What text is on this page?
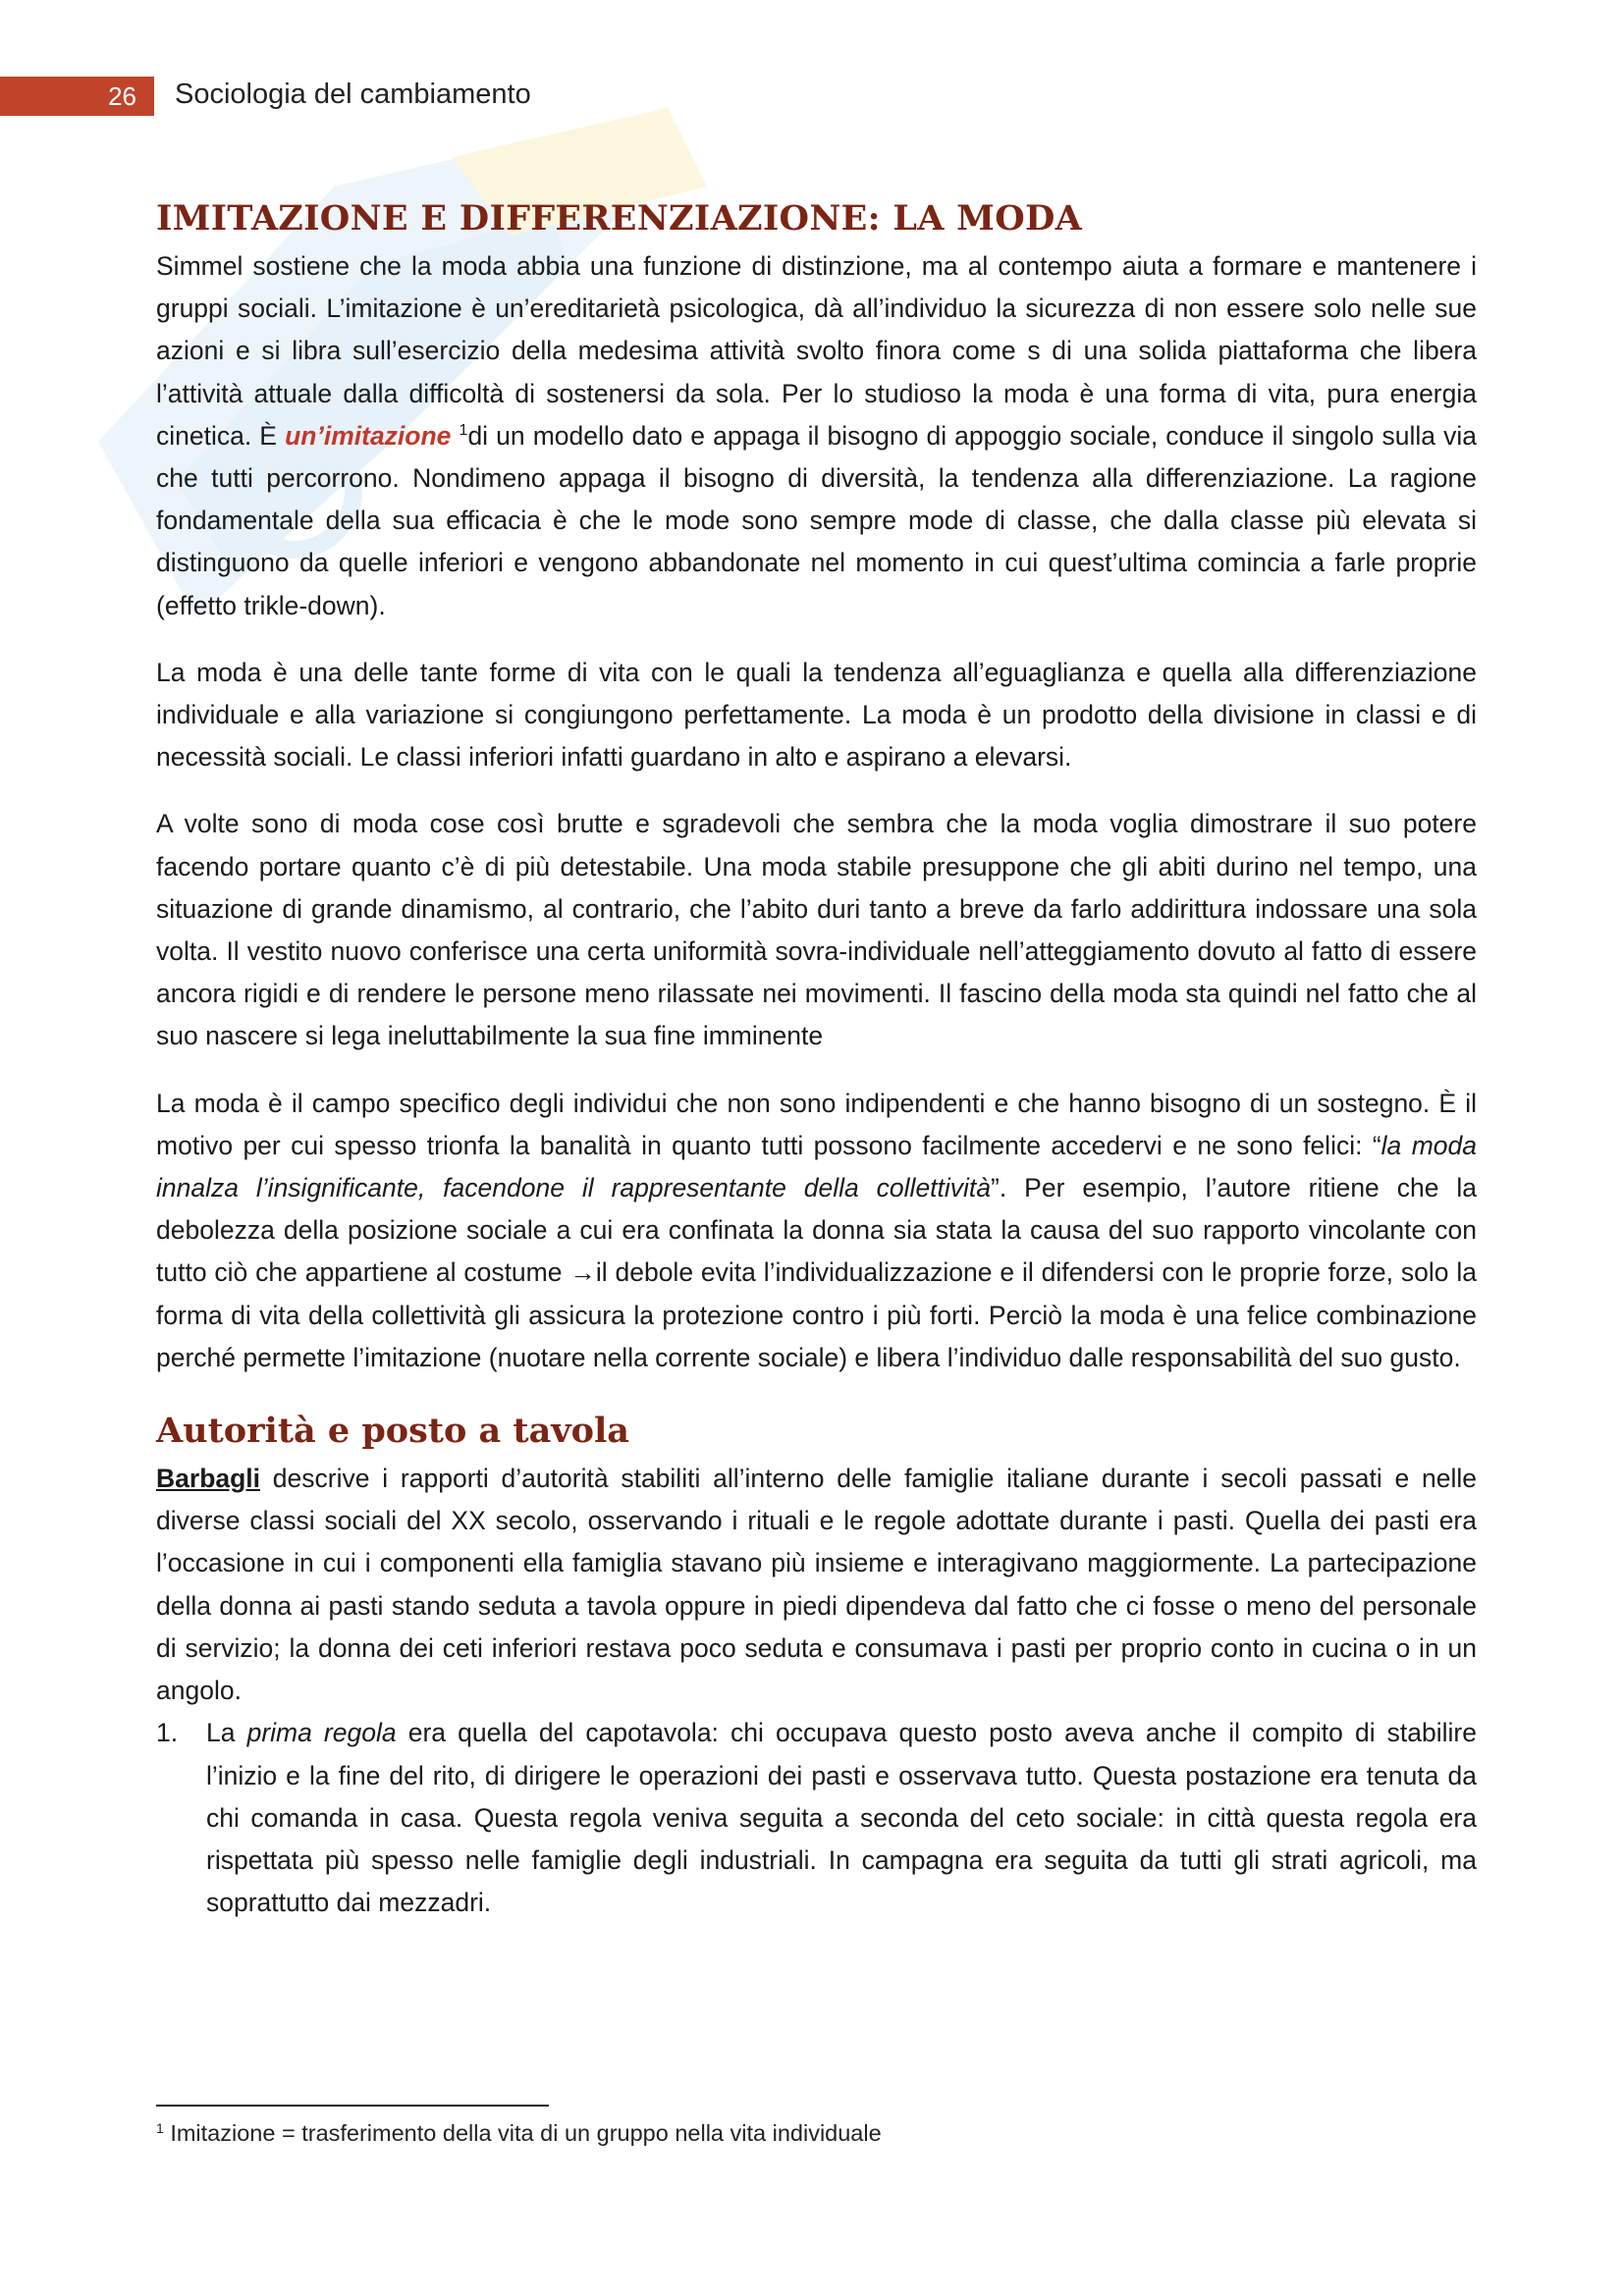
26 Sociologia del cambiamento
IMITAZIONE E DIFFERENZIAZIONE: LA MODA

Simmel sostiene che la moda abbia una funzione di distinzione, ma al contempo aiuta a formare e mantenere i gruppi sociali. L’imitazione è un’ereditarietà psicologica, dà all’individuo la sicurezza di non essere solo nelle sue azioni e si libra sull’esercizio della medesima attività svolto finora come s di una solida piattaforma che libera l’attività attuale dalla difficoltà di sostenersi da sola. Per lo studioso la moda è una forma di vita, pura energia cinetica. È un’imitazione $^1$di un modello dato e appaga il bisogno di appoggio sociale, conduce il singolo sulla via che tutti percorrono. Nondimeno appaga il bisogno di diversità, la tendenza alla differenziazione. La ragione fondamentale della sua efficacia è che le mode sono sempre mode di classe, che dalla classe più elevata si distinguono da quelle inferiori e vengono abbandonate nel momento in cui quest’ultima comincia a farle proprie (effetto trikle-down).

La moda è una delle tante forme di vita con le quali la tendenza all’eguaglianza e quella alla differenziazione individuale e alla variazione si congiungono perfettamente. La moda è un prodotto della divisione in classi e di necessità sociali. Le classi inferiori infatti guardano in alto e aspirano a elevarsi.

A volte sono di moda cose così brutte e sgradevoli che sembra che la moda voglia dimostrare il suo potere facendo portare quanto c’è di più detestabile. Una moda stabile presuppone che gli abiti durino nel tempo, una situazione di grande dinamismo, al contrario, che l’abito duri tanto a breve da farlo addirittura indossare una sola volta. Il vestito nuovo conferisce una certa uniformità sovra-individuale nell’atteggiamento dovuto al fatto di essere ancora rigidi e di rendere le persone meno rilassate nei movimenti. Il fascino della moda sta quindi nel fatto che al suo nascere si lega ineluttabilmente la sua fine imminente

La moda è il campo specifico degli individui che non sono indipendenti e che hanno bisogno di un sostegno. È il motivo per cui spesso trionfa la banalità in quanto tutti possono facilmente accedervi e ne sono felici: “la moda innalza l’insignificante, facendone il rappresentante della collettività”. Per esempio, l’autore ritiene che la debolezza della posizione sociale a cui era confinata la donna sia stata la causa del suo rapporto vincolante con tutto ciò che appartiene al costume →il debole evita l’individualizzazione e il difendersi con le proprie forze, solo la forma di vita della collettività gli assicura la protezione contro i più forti. Perciò la moda è una felice combinazione perché permette l’imitazione (nuotare nella corrente sociale) e libera l’individuo dalle responsabilità del suo gusto.

Autorità e posto a tavola

Barbagli descrive i rapporti d’autorità stabiliti all’interno delle famiglie italiane durante i secoli passati e nelle diverse classi sociali del XX secolo, osservando i rituali e le regole adottate durante i pasti. Quella dei pasti era l’occasione in cui i componenti ella famiglia stavano più insieme e interagivano maggiormente. La partecipazione della donna ai pasti stando seduta a tavola oppure in piedi dipendeva dal fatto che ci fosse o meno del personale di servizio; la donna dei ceti inferiori restava poco seduta e consumava i pasti per proprio conto in cucina o in un angolo.

1. La prima regola era quella del capotavola: chi occupava questo posto aveva anche il compito di stabilire l’inizio e la fine del rito, di dirigere le operazioni dei pasti e osservava tutto. Questa postazione era tenuta da chi comanda in casa. Questa regola veniva seguita a seconda del ceto sociale: in città questa regola era rispettata più spesso nelle famiglie degli industriali. In campagna era seguita da tutti gli strati agricoli, ma soprattutto dai mezzadri.
$^1$ Imitazione = trasferimento della vita di un gruppo nella vita individuale
